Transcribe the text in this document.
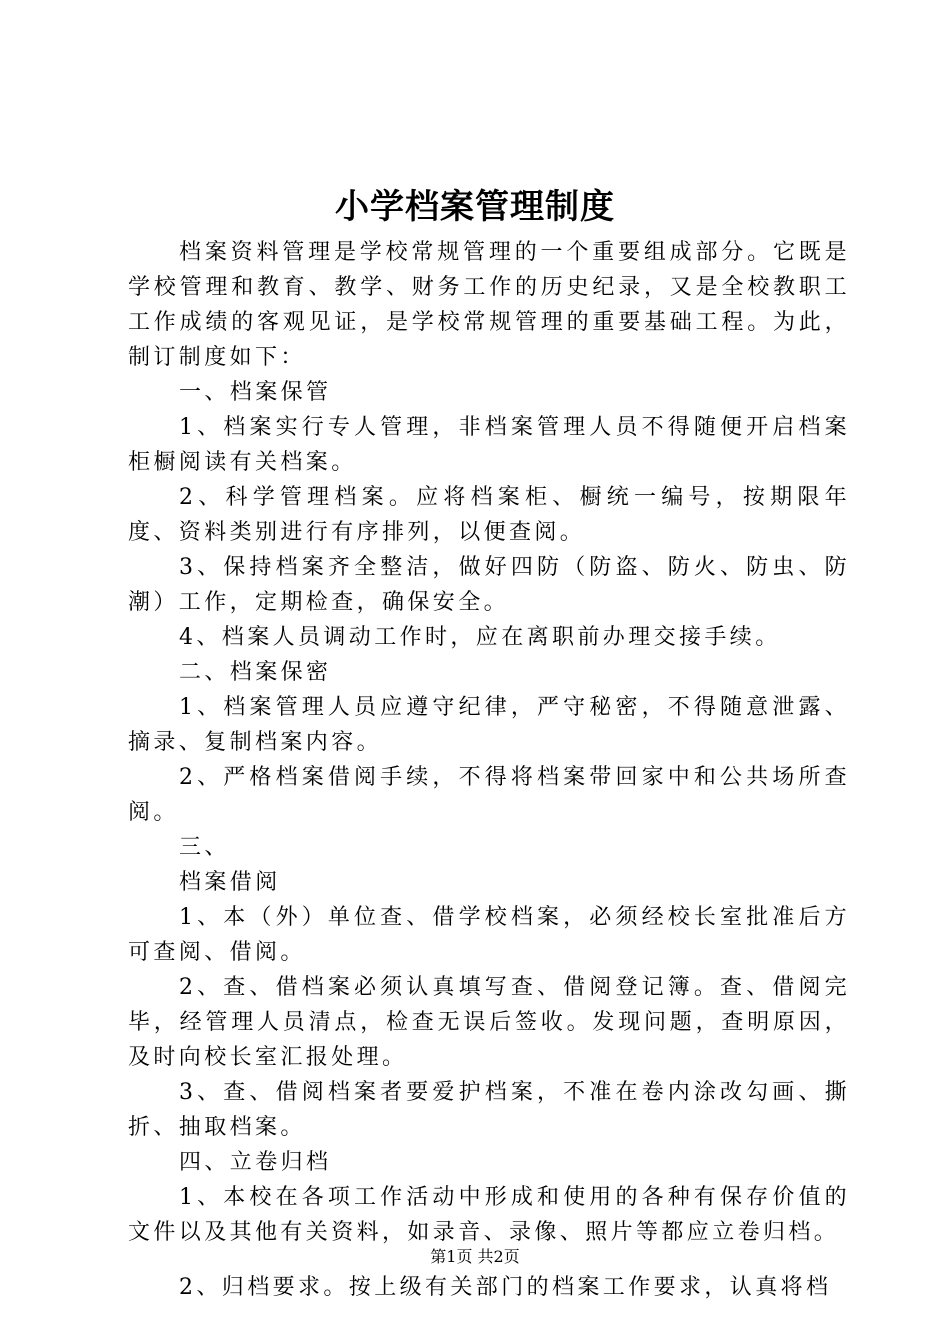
小学档案管理制度

档案资料管理是学校常规管理的一个重要组成部分。它既是学校管理和教育、教学、财务工作的历史纪录，又是全校教职工工作成绩的客观见证，是学校常规管理的重要基础工程。为此，制订制度如下：

一、档案保管

1、档案实行专人管理，非档案管理人员不得随便开启档案柜橱阅读有关档案。

2、科学管理档案。应将档案柜、橱统一编号，按期限年度、资料类别进行有序排列，以便查阅。

3、保持档案齐全整洁，做好四防（防盗、防火、防虫、防潮）工作，定期检查，确保安全。

4、档案人员调动工作时，应在离职前办理交接手续。

二、档案保密

1、档案管理人员应遵守纪律，严守秘密，不得随意泄露、摘录、复制档案内容。

2、严格档案借阅手续，不得将档案带回家中和公共场所查阅。

三、

档案借阅

1、本（外）单位查、借学校档案，必须经校长室批准后方可查阅、借阅。

2、查、借档案必须认真填写查、借阅登记簿。查、借阅完毕，经管理人员清点，检查无误后签收。发现问题，查明原因，及时向校长室汇报处理。

3、查、借阅档案者要爱护档案，不准在卷内涂改勾画、撕折、抽取档案。

四、立卷归档

1、本校在各项工作活动中形成和使用的各种有保存价值的文件以及其他有关资料，如录音、录像、照片等都应立卷归档。

2、归档要求。按上级有关部门的档案工作要求，认真将档

第1页 共2页
